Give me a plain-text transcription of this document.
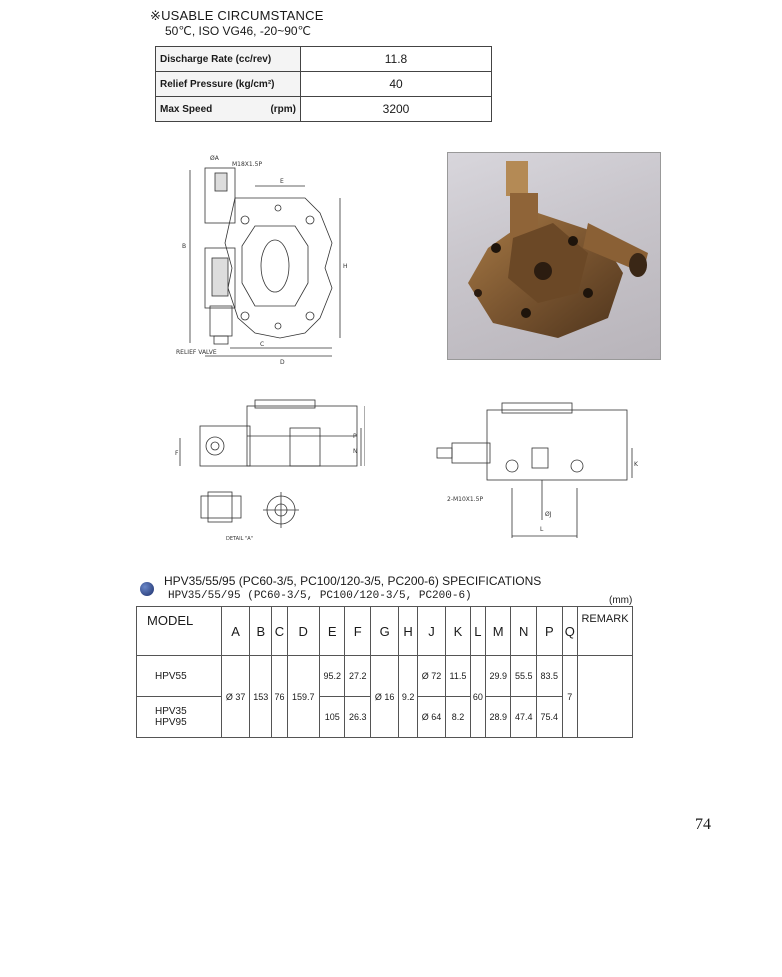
※USABLE CIRCUMSTANCE
50℃, ISO VG46, -20~90℃
Discharge Rate (cc/rev)	11.8

Relief Pressure (kg/cm²)	40

Max Speed (rpm)	3200
ØA
M18X1.5P
B
E
C
D
H
RELIEF VALVE
F
P
N
DETAIL "A"
2-M10X1.5P
L
ØJ
K
HPV35/55/95 (PC60-3/5, PC100/120-3/5, PC200-6) SPECIFICATIONS
HPV35/55/95 (PC60-3/5, PC100/120-3/5, PC200-6)	(mm)
MODEL	A	B	C	D	E	F	G	H	J	K	L	M	N	P	Q	REMARK
HPV55	Ø 37	153	76	159.7	95.2	27.2	Ø 16	9.2	Ø 72	11.5	60	29.9	55.5	83.5	7	
HPV35
HPV95					105	26.3			Ø 64	8.2		28.9	47.4	75.4		
74
